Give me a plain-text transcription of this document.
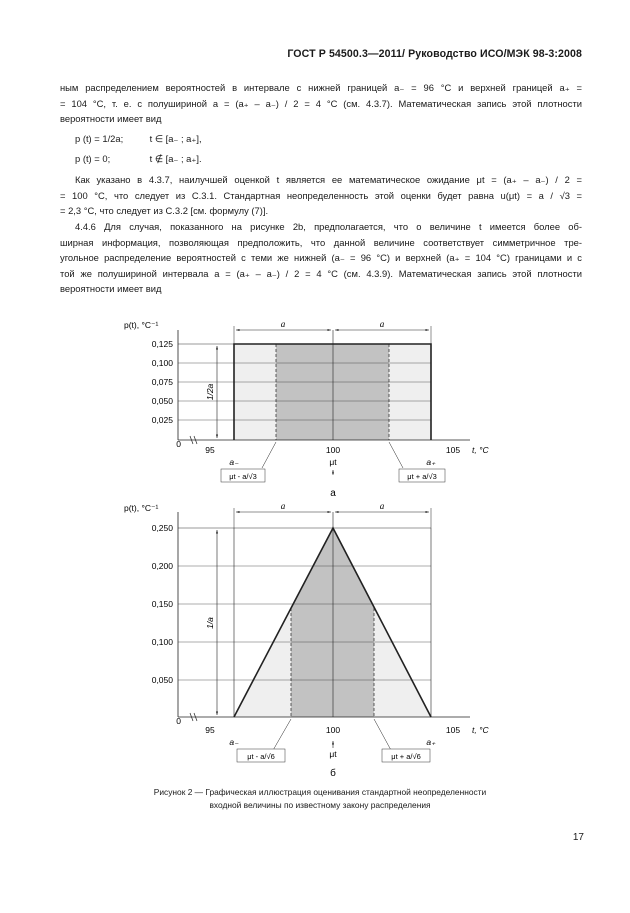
ГОСТ Р 54500.3—2011/ Руководство ИСО/МЭК 98-3:2008

ным распределением вероятностей в интервале с нижней границей a₋ = 96 °С и верхней границей a₊ =

= 104 °С, т. е. с полушириной a = (a₊ – a₋) / 2 = 4 °С (см. 4.3.7). Математическая запись этой плотности

вероятности имеет вид

p (t) = 1/2a;	t ∈ [a₋ ; a₊],
p (t) = 0;	t ∉ [a₋ ; a₊].

Как указано в 4.3.7, наилучшей оценкой t является ее математическое ожидание μt = (a₊ – a₋) / 2 =

= 100 °С, что следует из С.3.1. Стандартная неопределенность этой оценки будет равна u(μt) = a / √3 =

= 2,3 °С, что следует из С.3.2 [см. формулу (7)].

4.4.6 Для случая, показанного на рисунке 2b, предполагается, что о величине t имеется более об-

ширная информация, позволяющая предположить, что данной величине соответствует симметричное тре-

угольное распределение вероятностей с теми же нижней (a₋ = 96 °С) и верхней (a₊ = 104 °С) границами и с

той же полушириной интервала a = (a₊ – a₋) / 2 = 4 °С (см. 4.3.9). Математическая запись этой плотности

вероятности имеет вид

a	a
1/2a
p(t), °С⁻¹
0,125
0,100
0,075
0,050
0,025
0
95	100	105 t, °С
a₋	a₊
μt
μt - a/√3	μt + a/√3
а
a	a
1/a
p(t), °С⁻¹
0,250
0,200
0,150
0,100
0,050
0
95	100	105 t, °С
a₋	a₊
μt
μt - a/√6	μt + a/√6
б
Рисунок 2 — Графическая иллюстрация оценивания стандартной неопределенности входной величины по известному закону распределения
17
